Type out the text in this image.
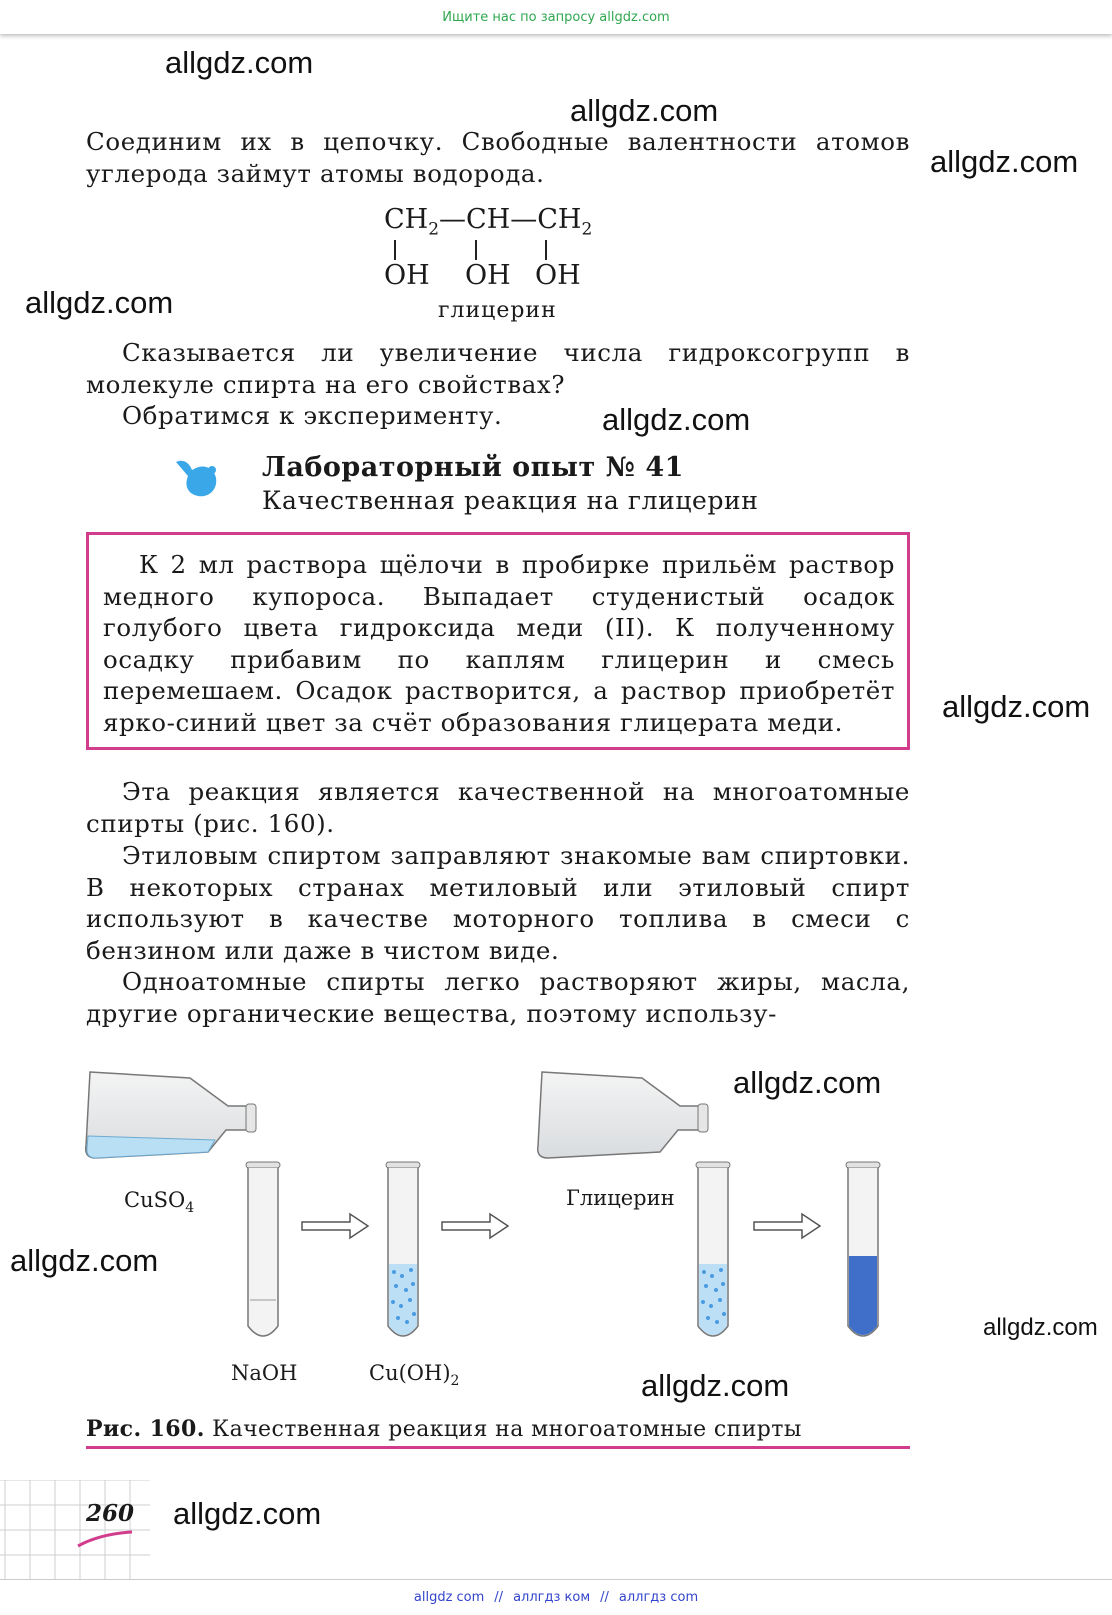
Ищите нас по запросу allgdz.com
allgdz.com
allgdz.com
allgdz.com
allgdz.com
allgdz.com
allgdz.com
allgdz.com
allgdz.com
allgdz.com
allgdz.com
allgdz.com

Соединим их в цепочку. Свободные валентности атомов углерода займут атомы водорода.

$CH_2—CH—CH_2$
OH OH OH
глицерин

Сказывается ли увеличение числа гидроксогрупп в молекуле спирта на его свойствах?

Обратимся к эксперименту.

Лабораторный опыт № 41
Качественная реакция на глицерин

К 2 мл раствора щёлочи в пробирке прильём раствор медного купороса. Выпадает студенистый осадок голубого цвета гидроксида меди (II). К полученному осадку прибавим по каплям глицерин и смесь перемешаем. Осадок растворится, а раствор приобретёт ярко-синий цвет за счёт образования глицерата меди.

Эта реакция является качественной на многоатомные спирты (рис. 160).

Этиловым спиртом заправляют знакомые вам спиртовки. В некоторых странах метиловый или этиловый спирт используют в качестве моторного топлива в смеси с бензином или даже в чистом виде.

Одноатомные спирты легко растворяют жиры, масла, другие органические вещества, поэтому использу-

CuSO$_4$
NaOH	$Cu(OH)_2$
Глицерин
Рис. 160. Качественная реакция на многоатомные спирты
260
allgdz com // аллгдз ком // аллгдз com
